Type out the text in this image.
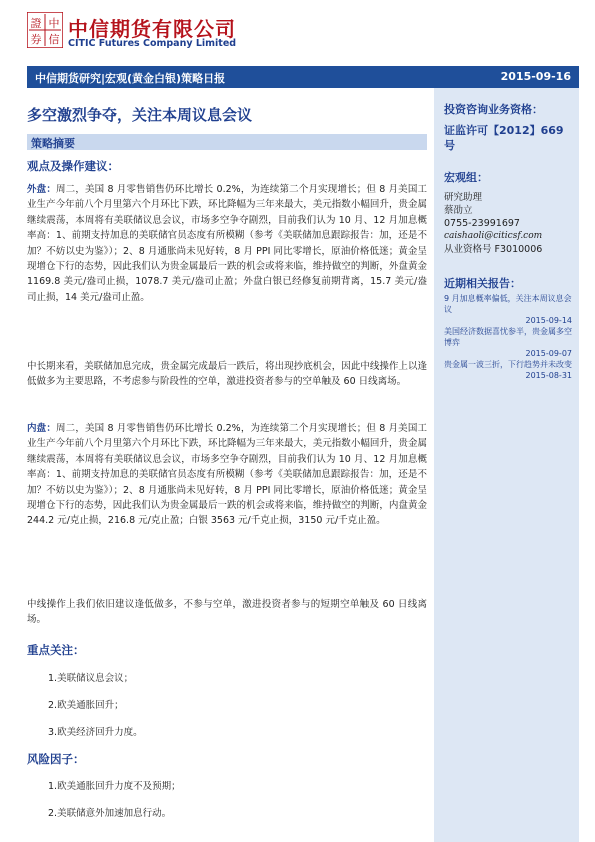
證 中
券 信 中信期货有限公司
CITIC Futures Company Limited
中信期货研究|宏观(黄金白银)策略日报	2015-09-16
投资咨询业务资格：
证监许可【2012】669 号
宏观组：
研究助理
蔡劭立
0755-23991697
caishaoli@citicsf.com
从业资格号 F3010006
近期相关报告：
9 月加息概率偏低，关注本周议息会议
2015-09-14
美国经济数据喜忧参半，贵金属多空博弈
2015-09-07
贵金属一波三折，下行趋势并未改变
2015-08-31
多空激烈争夺，关注本周议息会议
策略摘要
观点及操作建议：
外盘：周二，美国 8 月零售销售仍环比增长 0.2%，为连续第二个月实现增长；但 8 月美国工业生产今年前八个月里第六个月环比下跌，环比降幅为三年来最大，美元指数小幅回升，贵金属继续震荡，本周将有美联储议息会议，市场多空争夺剧烈，目前我们认为 10 月、12 月加息概率高：1、前期支持加息的美联储官员态度有所模糊（参考《美联储加息跟踪报告：加，还是不加？不妨以史为鉴》）；2、8 月通胀尚未见好转，8 月 PPI 同比零增长，原油价格低迷；黄金呈现增仓下行的态势，因此我们认为贵金属最后一跌的机会或将来临，维持做空的判断，外盘黄金 1169.8 美元/盎司止损，1078.7 美元/盎司止盈；外盘白银已经修复前期背离，15.7 美元/盎司止损，14 美元/盎司止盈。
中长期来看，美联储加息完成，贵金属完成最后一跌后，将出现抄底机会，因此中线操作上以逢低做多为主要思路，不考虑参与阶段性的空单，激进投资者参与的空单触及 60 日线离场。
内盘：周二，美国 8 月零售销售仍环比增长 0.2%，为连续第二个月实现增长；但 8 月美国工业生产今年前八个月里第六个月环比下跌，环比降幅为三年来最大，美元指数小幅回升，贵金属继续震荡，本周将有美联储议息会议，市场多空争夺剧烈，目前我们认为 10 月、12 月加息概率高：1、前期支持加息的美联储官员态度有所模糊（参考《美联储加息跟踪报告：加，还是不加？不妨以史为鉴》）；2、8 月通胀尚未见好转，8 月 PPI 同比零增长，原油价格低迷；黄金呈现增仓下行的态势，因此我们认为贵金属最后一跌的机会或将来临，维持做空的判断，内盘黄金 244.2 元/克止损，216.8 元/克止盈；白银 3563 元/千克止损，3150 元/千克止盈。
中线操作上我们依旧建议逢低做多，不参与空单，激进投资者参与的短期空单触及 60 日线离场。
重点关注：
1.美联储议息会议；
2.欧美通胀回升；
3.欧美经济回升力度。
风险因子：
1.欧美通胀回升力度不及预期；
2.美联储意外加速加息行动。
